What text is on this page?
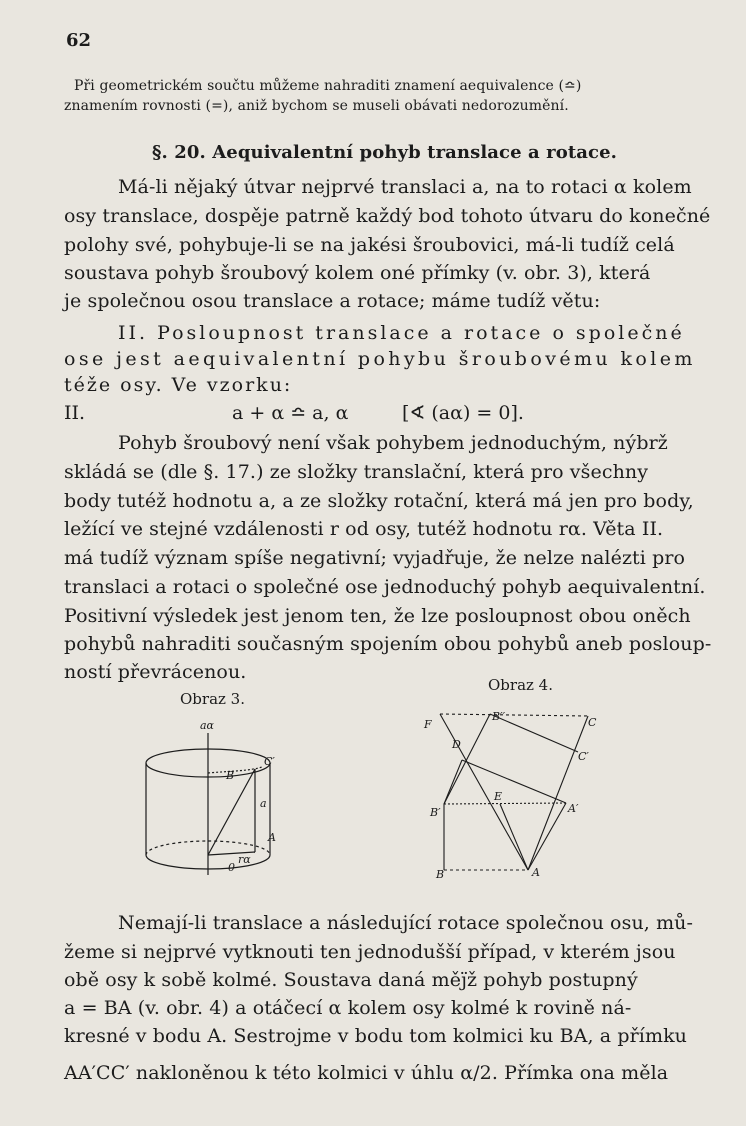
62
Při geometrickém součtu můžeme nahraditi znamení aequivalence (≏)
znamením rovnosti (=), aniž bychom se museli obávati nedorozumění.
§. 20. Aequivalentní pohyb translace a rotace.
Má-li nějaký útvar nejprvé translaci a, na to rotaci α kolem
osy translace, dospěje patrně každý bod tohoto útvaru do konečné
polohy své, pohybuje-li se na jakési šroubovici, má-li tudíž celá
soustava pohyb šroubový kolem oné přímky (v. obr. 3), která
je společnou osou translace a rotace; máme tudíž větu:
II. Posloupnost translace a rotace o společné
ose jest aequivalentní pohybu šroubovému kolem
téže osy. Ve vzorku:
II.	a + α ≏ a, α	[∢ (aα) = 0].
Pohyb šroubový není však pohybem jednoduchým, nýbrž
skládá se (dle §. 17.) ze složky translační, která pro všechny
body tutéž hodnotu a, a ze složky rotační, která má jen pro body,
ležící ve stejné vzdálenosti r od osy, tutéž hodnotu rα. Věta II.
má tudíž význam spíše negativní; vyjadřuje, že nelze nalézti pro
translaci a rotaci o společné ose jednoduchý pohyb aequivalentní.
Positivní výsledek jest jenom ten, že lze posloupnost obou oněch
pohybů nahraditi současným spojením obou pohybů aneb posloup-
ností převrácenou.
Obraz 3.
Obraz 4.
aα
C′
B
a
A
0
rα
F
B′′	C
D
C′
B′
E
A′
B	A
Nemají-li translace a následující rotace společnou osu, mů-
žeme si nejprvé vytknouti ten jednodušší případ, v kterém jsou
obě osy k sobě kolmé. Soustava daná měj̈ž pohyb postupný
a = BA (v. obr. 4) a otáčecí α kolem osy kolmé k rovině ná-
kresné v bodu A. Sestrojme v bodu tom kolmici ku BA, a přímku
AA′CC′ nakloněnou k této kolmici v úhlu α/2. Přímka ona měla
